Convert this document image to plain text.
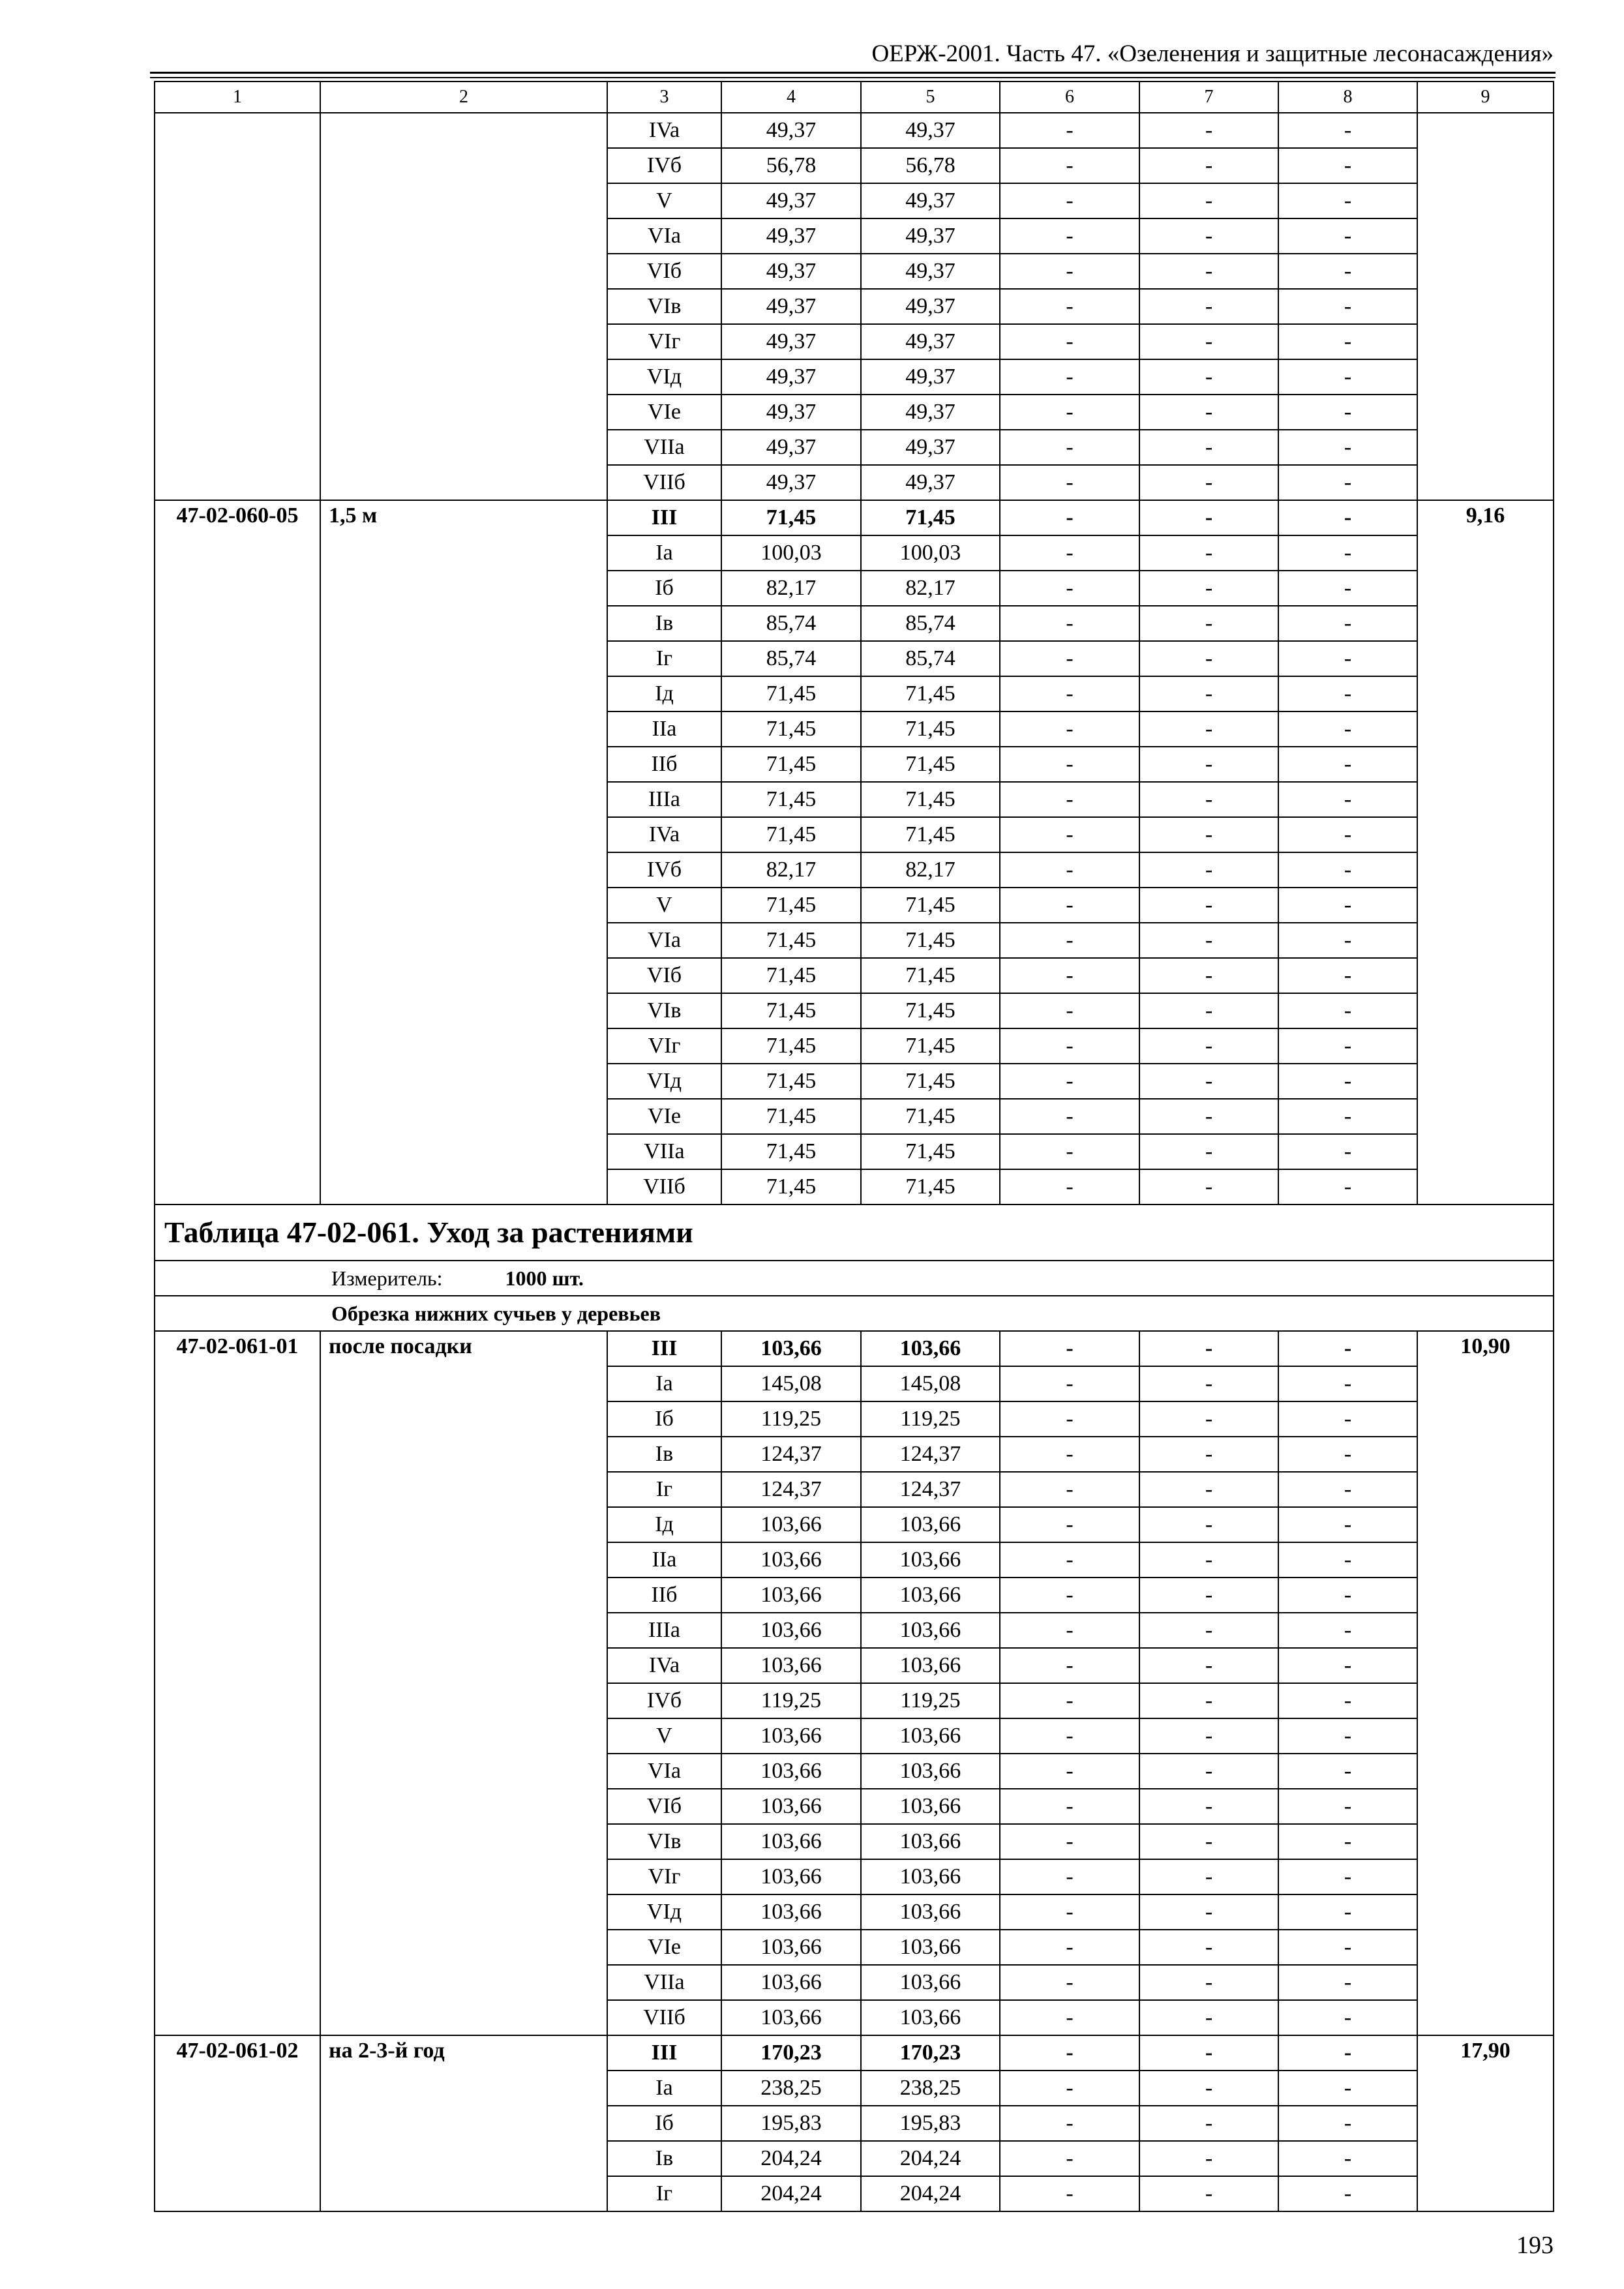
ОЕРЖ-2001. Часть 47. «Озеленения и защитные лесонасаждения»
1	2	3	4	5	6	7	8	9
		IVa	49,37	49,37	-	-	-	
		IVб	56,78	56,78	-	-	-	
		V	49,37	49,37	-	-	-	
		VIa	49,37	49,37	-	-	-	
		VIб	49,37	49,37	-	-	-	
		VIв	49,37	49,37	-	-	-	
		VIг	49,37	49,37	-	-	-	
		VIд	49,37	49,37	-	-	-	
		VIe	49,37	49,37	-	-	-	
		VIIa	49,37	49,37	-	-	-	
		VIIб	49,37	49,37	-	-	-	
47-02-060-05	1,5 м	III	71,45	71,45	-	-	-	9,16
		Ia	100,03	100,03	-	-	-	
		Iб	82,17	82,17	-	-	-	
		Iв	85,74	85,74	-	-	-	
		Iг	85,74	85,74	-	-	-	
		Iд	71,45	71,45	-	-	-	
		IIa	71,45	71,45	-	-	-	
		IIб	71,45	71,45	-	-	-	
		IIIa	71,45	71,45	-	-	-	
		IVa	71,45	71,45	-	-	-	
		IVб	82,17	82,17	-	-	-	
		V	71,45	71,45	-	-	-	
		VIa	71,45	71,45	-	-	-	
		VIб	71,45	71,45	-	-	-	
		VIв	71,45	71,45	-	-	-	
		VIг	71,45	71,45	-	-	-	
		VIд	71,45	71,45	-	-	-	
		VIe	71,45	71,45	-	-	-	
		VIIa	71,45	71,45	-	-	-	
		VIIб	71,45	71,45	-	-	-	
Таблица 47-02-061. Уход за растениями								
Измеритель: 1000 шт.								
Обрезка нижних сучьев у деревьев								
47-02-061-01	после посадки	III	103,66	103,66	-	-	-	10,90
		Ia	145,08	145,08	-	-	-	
		Iб	119,25	119,25	-	-	-	
		Iв	124,37	124,37	-	-	-	
		Iг	124,37	124,37	-	-	-	
		Iд	103,66	103,66	-	-	-	
		IIa	103,66	103,66	-	-	-	
		IIб	103,66	103,66	-	-	-	
		IIIa	103,66	103,66	-	-	-	
		IVa	103,66	103,66	-	-	-	
		IVб	119,25	119,25	-	-	-	
		V	103,66	103,66	-	-	-	
		VIa	103,66	103,66	-	-	-	
		VIб	103,66	103,66	-	-	-	
		VIв	103,66	103,66	-	-	-	
		VIг	103,66	103,66	-	-	-	
		VIд	103,66	103,66	-	-	-	
		VIe	103,66	103,66	-	-	-	
		VIIa	103,66	103,66	-	-	-	
		VIIб	103,66	103,66	-	-	-	
47-02-061-02	на 2-3-й год	III	170,23	170,23	-	-	-	17,90
		Ia	238,25	238,25	-	-	-	
		Iб	195,83	195,83	-	-	-	
		Iв	204,24	204,24	-	-	-	
		Iг	204,24	204,24	-	-	-	
193
